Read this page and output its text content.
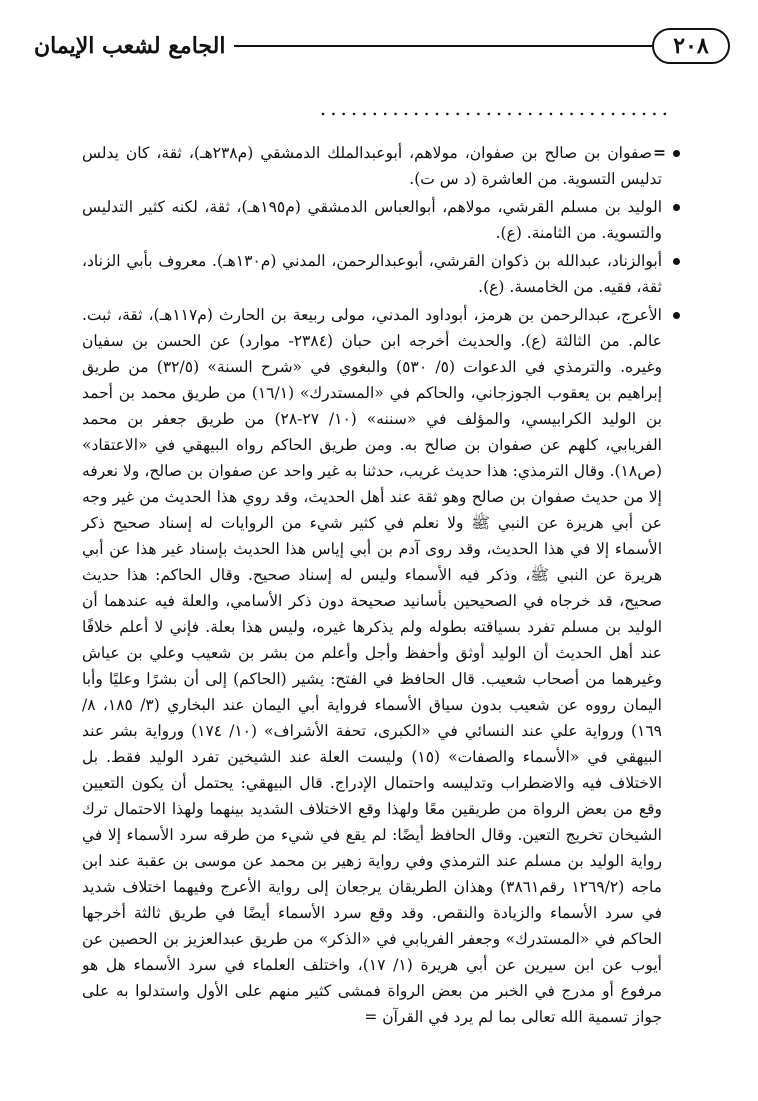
٢٠٨
الجامع لشعب الإيمان
..................................

=
صفوان بن صالح بن صفوان، مولاهم، أبوعبدالملك الدمشقي (م٢٣٨هـ)، ثقة، كان يدلس تدليس التسوية. من العاشرة (د س ت).

الوليد بن مسلم القرشي، مولاهم، أبوالعباس الدمشقي (م١٩٥هـ)، ثقة، لكنه كثير التدليس والتسوية. من الثامنة. (ع).

أبوالزناد، عبدالله بن ذكوان القرشي، أبوعبدالرحمن، المدني (م١٣٠هـ). معروف بأبي الزناد، ثقة، فقيه. من الخامسة. (ع).

الأعرج، عبدالرحمن بن هرمز، أبوداود المدني، مولى ربيعة بن الحارث (م١١٧هـ)، ثقة، ثبت. عالم. من الثالثة (ع). والحديث أخرجه ابن حبان (٢٣٨٤- موارد) عن الحسن بن سفيان وغيره. والترمذي في الدعوات (٥/ ٥٣٠) والبغوي في «شرح السنة» (٣٢/٥) من طريق إبراهيم بن يعقوب الجوزجاني، والحاكم في «المستدرك» (١٦/١) من طريق محمد بن أحمد بن الوليد الكرابيسي، والمؤلف في «سننه» (١٠/ ٢٧-٢٨) من طريق جعفر بن محمد الفريابي، كلهم عن صفوان بن صالح به. ومن طريق الحاكم رواه البيهقي في «الاعتقاد» (ص١٨). وقال الترمذي: هذا حديث غريب، حدثنا به غير واحد عن صفوان بن صالح، ولا نعرفه إلا من حديث صفوان بن صالح وهو ثقة عند أهل الحديث، وقد روي هذا الحديث من غير وجه عن أبي هريرة عن النبي ﷺ ولا نعلم في كثير شيء من الروايات له إسناد صحيح ذكر الأسماء إلا في هذا الحديث، وقد روى آدم بن أبي إياس هذا الحديث بإسناد غير هذا عن أبي هريرة عن النبي ﷺ، وذكر فيه الأسماء وليس له إسناد صحيح. وقال الحاكم: هذا حديث صحيح، قد خرجاه في الصحيحين بأسانيد صحيحة دون ذكر الأسامي، والعلة فيه عندهما أن الوليد بن مسلم تفرد بسياقته بطوله ولم يذكرها غيره، وليس هذا بعلة. فإني لا أعلم خلافًا عند أهل الحديث أن الوليد أوثق وأحفظ وأجل وأعلم من بشر بن شعيب وعلي بن عياش وغيرهما من أصحاب شعيب. قال الحافظ في الفتح: يشير (الحاكم) إلى أن بشرًا وعليًا وأبا اليمان رووه عن شعيب بدون سياق الأسماء فرواية أبي اليمان عند البخاري (٣/ ١٨٥، ٨/ ١٦٩) ورواية علي عند النسائي في «الكبرى، تحفة الأشراف» (١٠/ ١٧٤) ورواية بشر عند البيهقي في «الأسماء والصفات» (١٥) وليست العلة عند الشيخين تفرد الوليد فقط. بل الاختلاف فيه والاضطراب وتدليسه واحتمال الإدراج. قال البيهقي: يحتمل أن يكون التعيين وقع من بعض الرواة من طريقين معًا ولهذا وقع الاختلاف الشديد بينهما ولهذا الاحتمال ترك الشيخان تخريج التعين. وقال الحافظ أيضًا: لم يقع في شيء من طرقه سرد الأسماء إلا في رواية الوليد بن مسلم عند الترمذي وفي رواية زهير بن محمد عن موسى بن عقبة عند ابن ماجه (١٢٦٩/٢ رقم٣٨٦١) وهذان الطريقان يرجعان إلى رواية الأعرج وفيهما اختلاف شديد في سرد الأسماء والزيادة والنقص. وقد وقع سرد الأسماء أيضًا في طريق ثالثة أخرجها الحاكم في «المستدرك» وجعفر الفريابي في «الذكر» من طريق عبدالعزيز بن الحصين عن أيوب عن ابن سيرين عن أبي هريرة (١/ ١٧)، واختلف العلماء في سرد الأسماء هل هو مرفوع أو مدرج في الخبر من بعض الرواة فمشى كثير منهم على الأول واستدلوا به على جواز تسمية الله تعالى بما لم يرد في القرآن =
